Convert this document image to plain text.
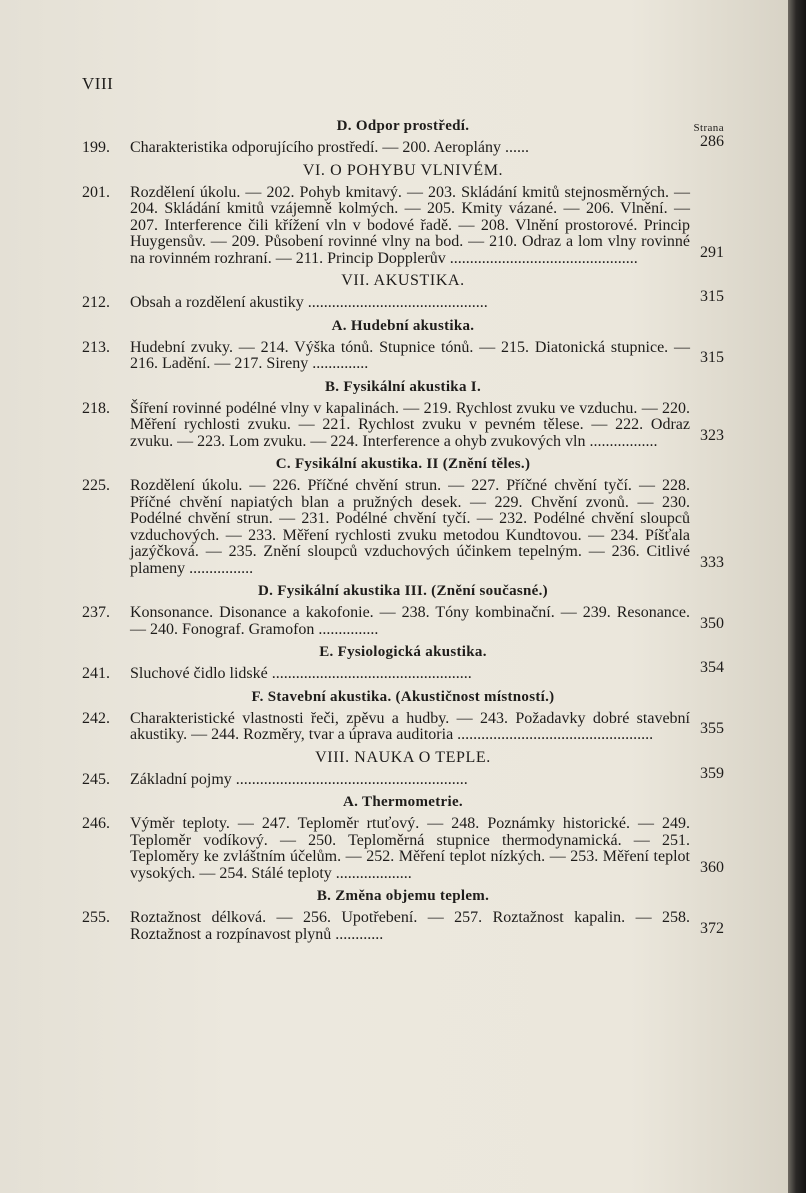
VIII
D. Odpor prostředí.	Strana
199. Charakteristika odporujícího prostředí. — 200. Aeroplány ......	286
VI. O POHYBU VLNIVÉM.
201. Rozdělení úkolu. — 202. Pohyb kmitavý. — 203. Skládání kmitů stejnosměrných. — 204. Skládání kmitů vzájemně kolmých. — 205. Kmity vázané. — 206. Vlnění. — 207. Interference čili křížení vln v bodové řadě. — 208. Vlnění prostorové. Princip Huygensův. — 209. Působení rovinné vlny na bod. — 210. Odraz a lom vlny rovinné na rovinném rozhraní. — 211. Princip Dopplerův ...............................................	291
VII. AKUSTIKA.
212. Obsah a rozdělení akustiky .............................................	315
A. Hudební akustika.
213. Hudební zvuky. — 214. Výška tónů. Stupnice tónů. — 215. Diatonická stupnice. — 216. Ladění. — 217. Sireny ..............	315
B. Fysikální akustika I.
218. Šíření rovinné podélné vlny v kapalinách. — 219. Rychlost zvuku ve vzduchu. — 220. Měření rychlosti zvuku. — 221. Rychlost zvuku v pevném tělese. — 222. Odraz zvuku. — 223. Lom zvuku. — 224. Interference a ohyb zvukových vln .................	323
C. Fysikální akustika. II (Znění těles.)
225. Rozdělení úkolu. — 226. Příčné chvění strun. — 227. Příčné chvění tyčí. — 228. Příčné chvění napiatých blan a pružných desek. — 229. Chvění zvonů. — 230. Podélné chvění strun. — 231. Podélné chvění tyčí. — 232. Podélné chvění sloupců vzduchových. — 233. Měření rychlosti zvuku metodou Kundtovou. — 234. Píšťala jazýčková. — 235. Znění sloupců vzduchových účinkem tepelným. — 236. Citlivé plameny ................	333
D. Fysikální akustika III. (Znění současné.)
237. Konsonance. Disonance a kakofonie. — 238. Tóny kombinační. — 239. Resonance. — 240. Fonograf. Gramofon ...............	350
E. Fysiologická akustika.
241. Sluchové čidlo lidské ..................................................	354
F. Stavební akustika. (Akustičnost místností.)
242. Charakteristické vlastnosti řeči, zpěvu a hudby. — 243. Požadavky dobré stavební akustiky. — 244. Rozměry, tvar a úprava auditoria .................................................	355
VIII. NAUKA O TEPLE.
245. Základní pojmy ..........................................................	359
A. Thermometrie.
246. Výměr teploty. — 247. Teploměr rtuťový. — 248. Poznámky historické. — 249. Teploměr vodíkový. — 250. Teploměrná stupnice thermodynamická. — 251. Teploměry ke zvláštním účelům. — 252. Měření teplot nízkých. — 253. Měření teplot vysokých. — 254. Stálé teploty ...................	360
B. Změna objemu teplem.
255. Roztažnost délková. — 256. Upotřebení. — 257. Roztažnost kapalin. — 258. Roztažnost a rozpínavost plynů ............	372
